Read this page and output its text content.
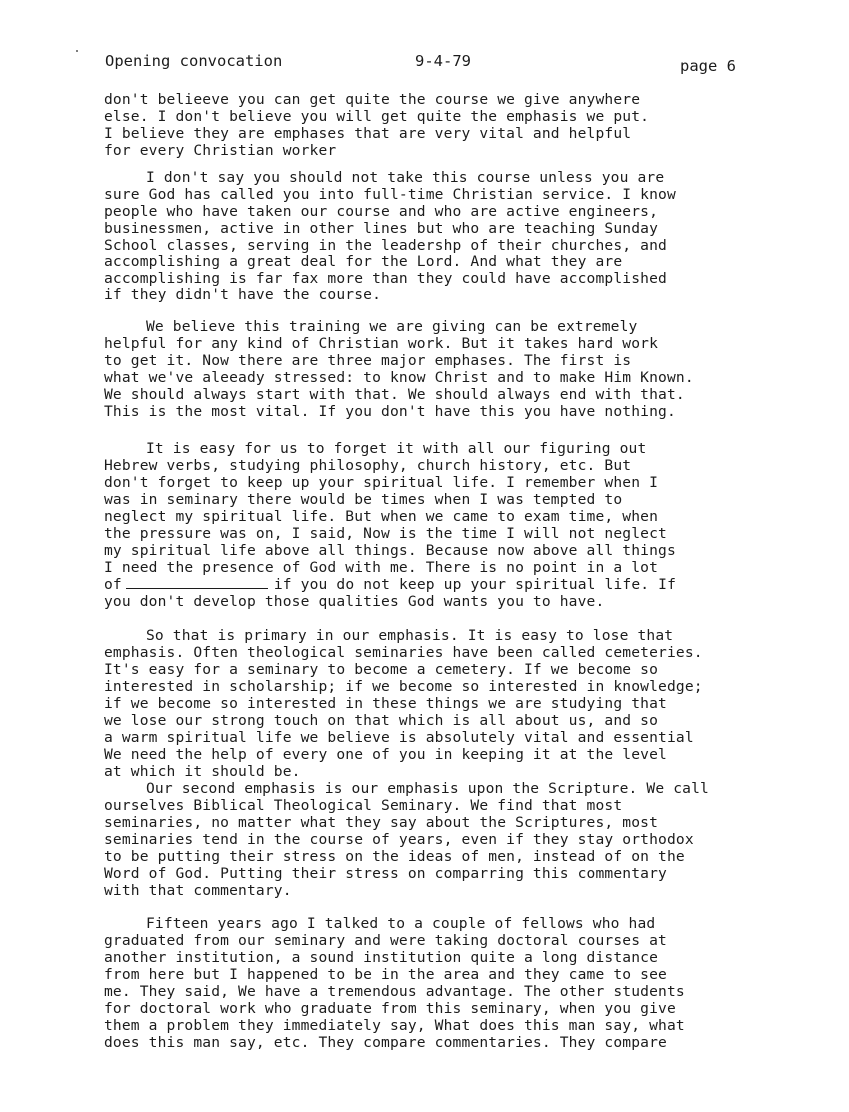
Opening convocation	9-4-79	page 6
don't belieeve you can get quite the course we give anywhere
else. I don't believe you will get quite the emphasis we put.
I believe they are emphases that are very vital and helpful
for every Christian worker
I don't say you should not take this course unless you are
sure God has called you into full-time Christian service. I know
people who have taken our course and who are active engineers,
businessmen, active in other lines but who are teaching Sunday
School classes, serving in the leadershp of their churches, and
accomplishing a great deal for the Lord. And what they are
accomplishing is far fax more than they could have accomplished
if they didn't have the course.
We believe this training we are giving can be extremely
helpful for any kind of Christian work. But it takes hard work
to get it. Now there are three major emphases. The first is
what we've aleeady stressed: to know Christ and to make Him Known.
We should always start with that. We should always end with that.
This is the most vital. If you don't have this you have nothing.
It is easy for us to forget it with all our figuring out
Hebrew verbs, studying philosophy, church history, etc. But
don't forget to keep up your spiritual life. I remember when I
was in seminary there would be times when I was tempted to
neglect my spiritual life. But when we came to exam time, when
the pressure was on, I said, Now is the time I will not neglect
my spiritual life above all things. Because now above all things
I need the presence of God with me. There is no point in a lot
of	if you do not keep up your spiritual life. If
you don't develop those qualities God wants you to have.
So that is primary in our emphasis. It is easy to lose that
emphasis. Often theological seminaries have been called cemeteries.
It's easy for a seminary to become a cemetery. If we become so
interested in scholarship; if we become so interested in knowledge;
if we become so interested in these things we are studying that
we lose our strong touch on that which is all about us, and so
a warm spiritual life we believe is absolutely vital and essential
We need the help of every one of you in keeping it at the level
at which it should be.
Our second emphasis is our emphasis upon the Scripture. We call
ourselves Biblical Theological Seminary. We find that most
seminaries, no matter what they say about the Scriptures, most
seminaries tend in the course of years, even if they stay orthodox
to be putting their stress on the ideas of men, instead of on the
Word of God. Putting their stress on comparring this commentary
with that commentary.
Fifteen years ago I talked to a couple of fellows who had
graduated from our seminary and were taking doctoral courses at
another institution, a sound institution quite a long distance
from here but I happened to be in the area and they came to see
me. They said, We have a tremendous advantage. The other students
for doctoral work who graduate from this seminary, when you give
them a problem they immediately say, What does this man say, what
does this man say, etc. They compare commentaries. They compare
